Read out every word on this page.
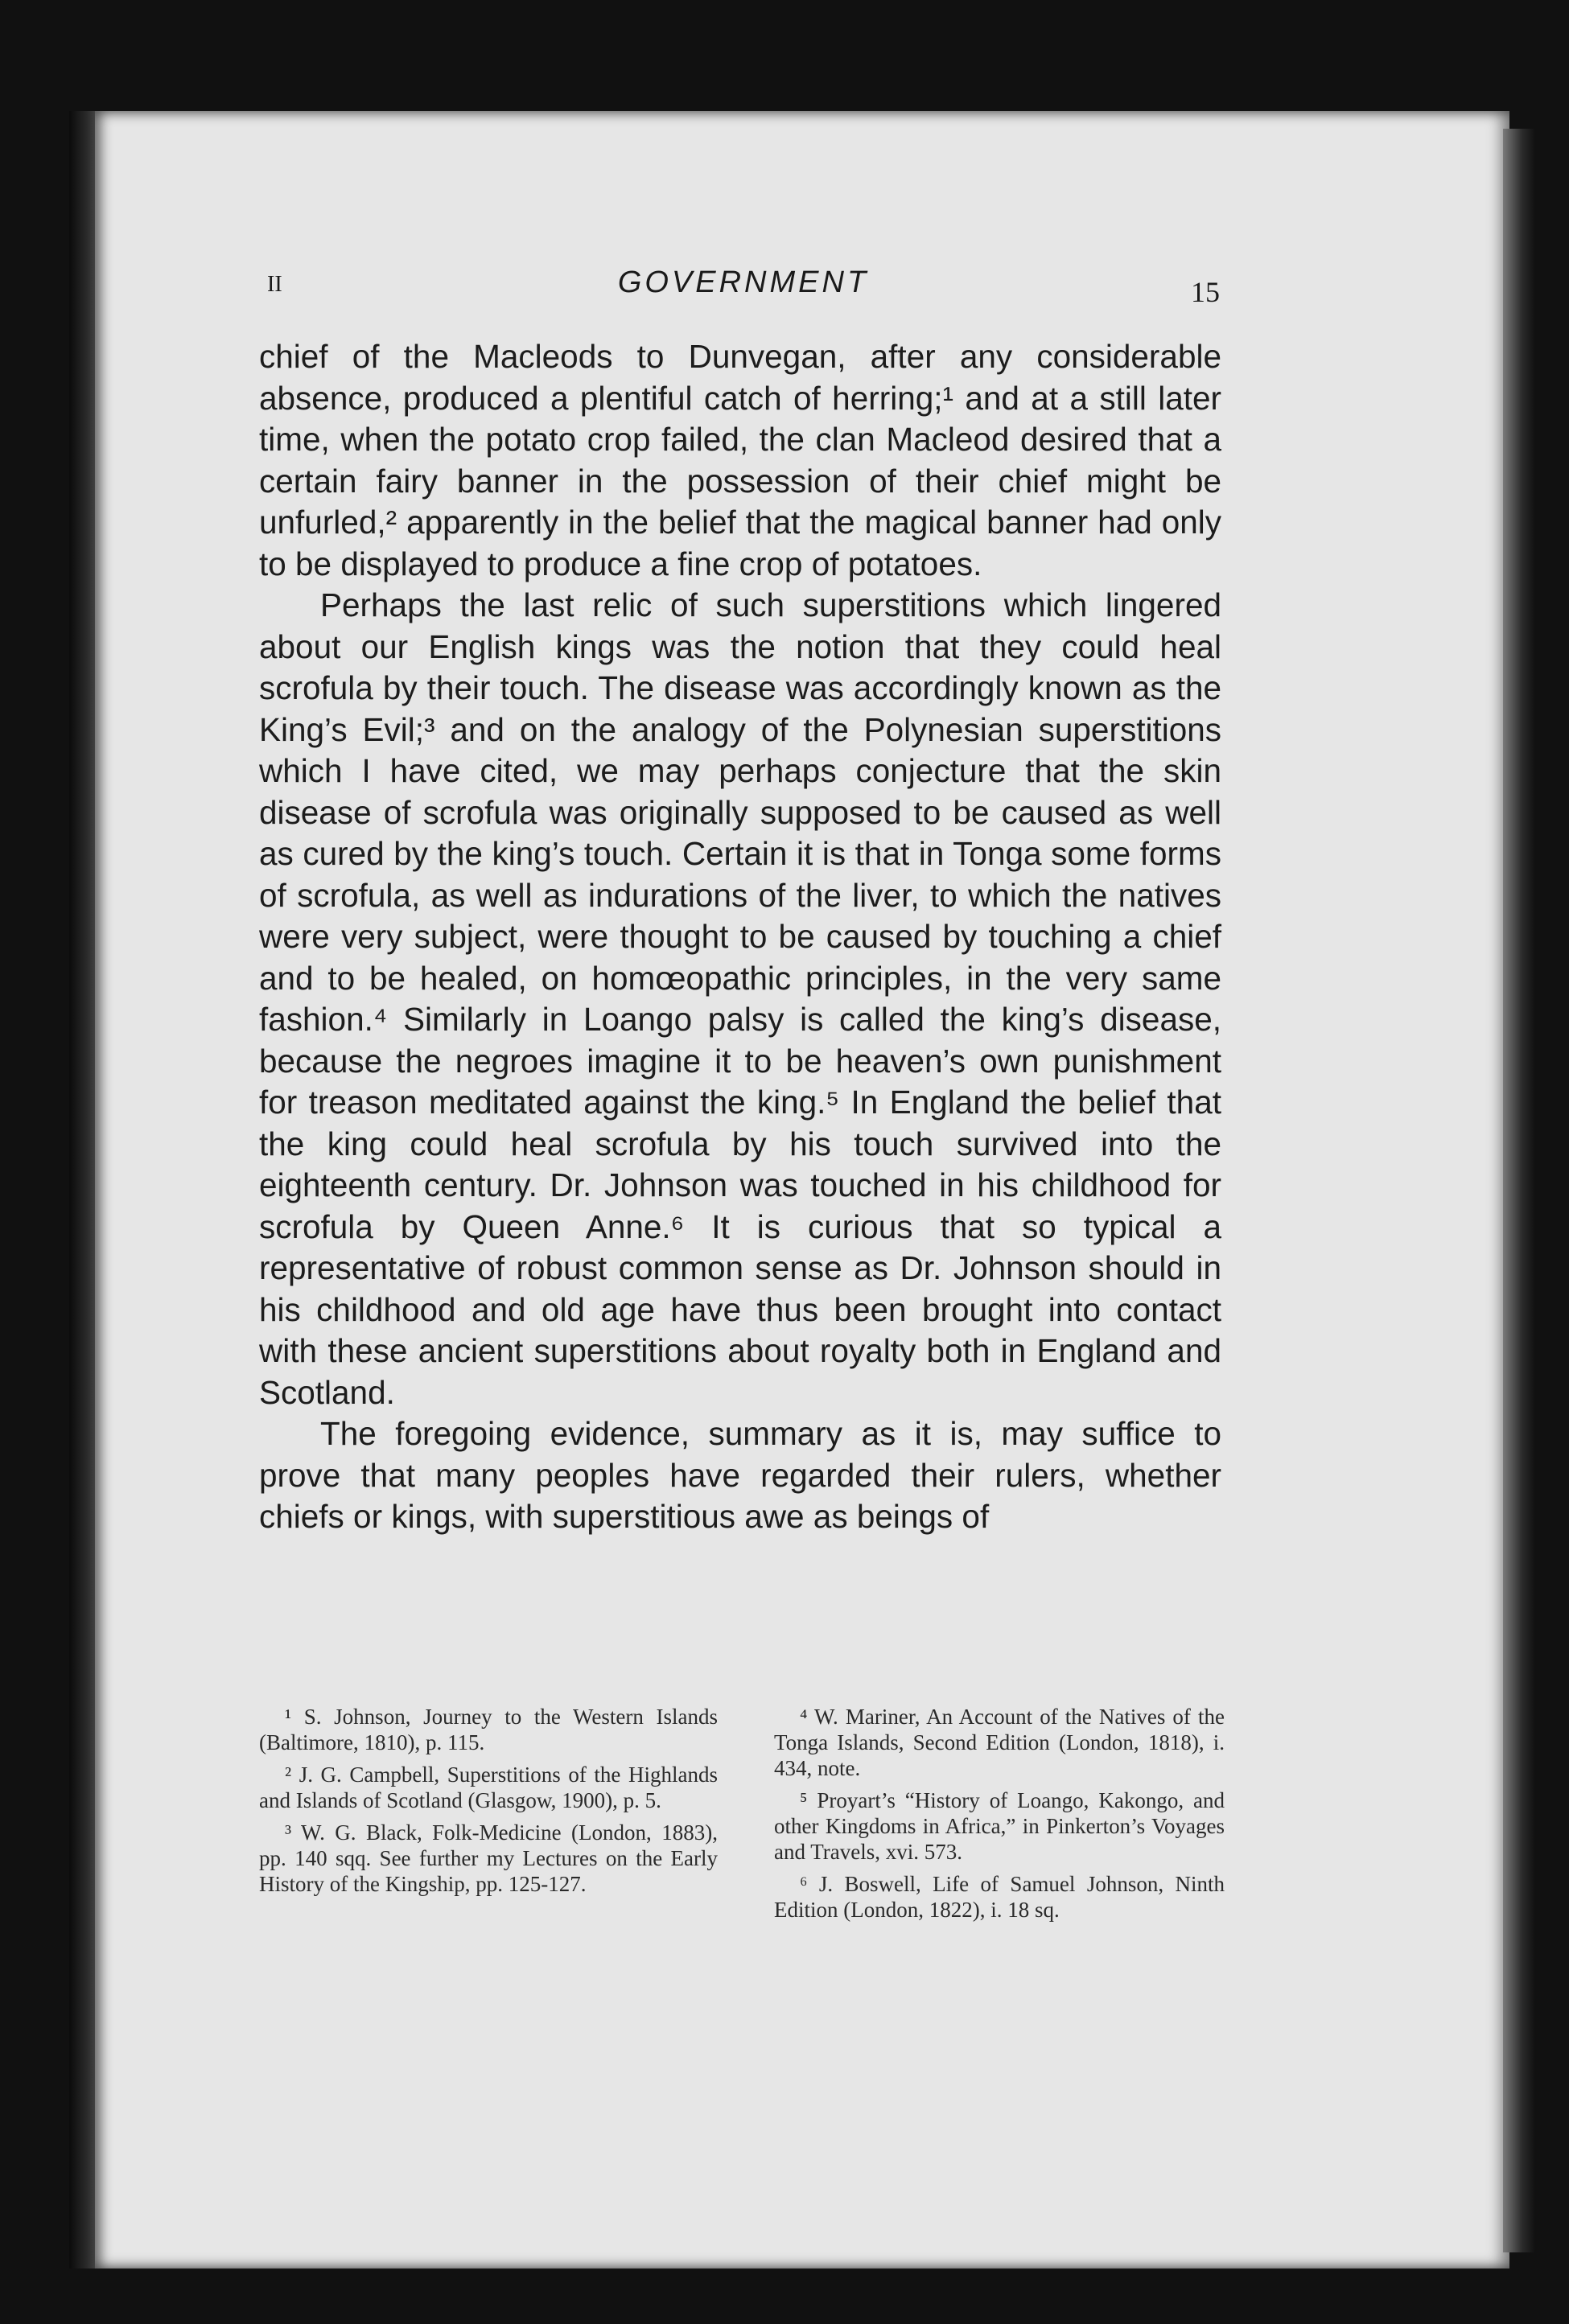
II	GOVERNMENT	15

chief of the Macleods to Dunvegan, after any considerable absence, produced a plentiful catch of herring;¹ and at a still later time, when the potato crop failed, the clan Macleod desired that a certain fairy banner in the possession of their chief might be unfurled,² apparently in the belief that the magical banner had only to be displayed to produce a fine crop of potatoes.

Perhaps the last relic of such superstitions which lingered about our English kings was the notion that they could heal scrofula by their touch. The disease was accordingly known as the King’s Evil;³ and on the analogy of the Polynesian superstitions which I have cited, we may perhaps conjecture that the skin disease of scrofula was originally supposed to be caused as well as cured by the king’s touch. Certain it is that in Tonga some forms of scrofula, as well as indurations of the liver, to which the natives were very subject, were thought to be caused by touching a chief and to be healed, on homœopathic principles, in the very same fashion.⁴ Similarly in Loango palsy is called the king’s disease, because the negroes imagine it to be heaven’s own punishment for treason meditated against the king.⁵ In England the belief that the king could heal scrofula by his touch survived into the eighteenth century. Dr. Johnson was touched in his childhood for scrofula by Queen Anne.⁶ It is curious that so typical a representative of robust common sense as Dr. Johnson should in his childhood and old age have thus been brought into contact with these ancient superstitions about royalty both in England and Scotland.

The foregoing evidence, summary as it is, may suffice to prove that many peoples have regarded their rulers, whether chiefs or kings, with superstitious awe as beings of

¹ S. Johnson, Journey to the Western Islands (Baltimore, 1810), p. 115.

² J. G. Campbell, Superstitions of the Highlands and Islands of Scotland (Glasgow, 1900), p. 5.

³ W. G. Black, Folk-Medicine (London, 1883), pp. 140 sqq. See further my Lectures on the Early History of the Kingship, pp. 125-127.

⁴ W. Mariner, An Account of the Natives of the Tonga Islands, Second Edition (London, 1818), i. 434, note.

⁵ Proyart’s “History of Loango, Kakongo, and other Kingdoms in Africa,” in Pinkerton’s Voyages and Travels, xvi. 573.

⁶ J. Boswell, Life of Samuel Johnson, Ninth Edition (London, 1822), i. 18 sq.
